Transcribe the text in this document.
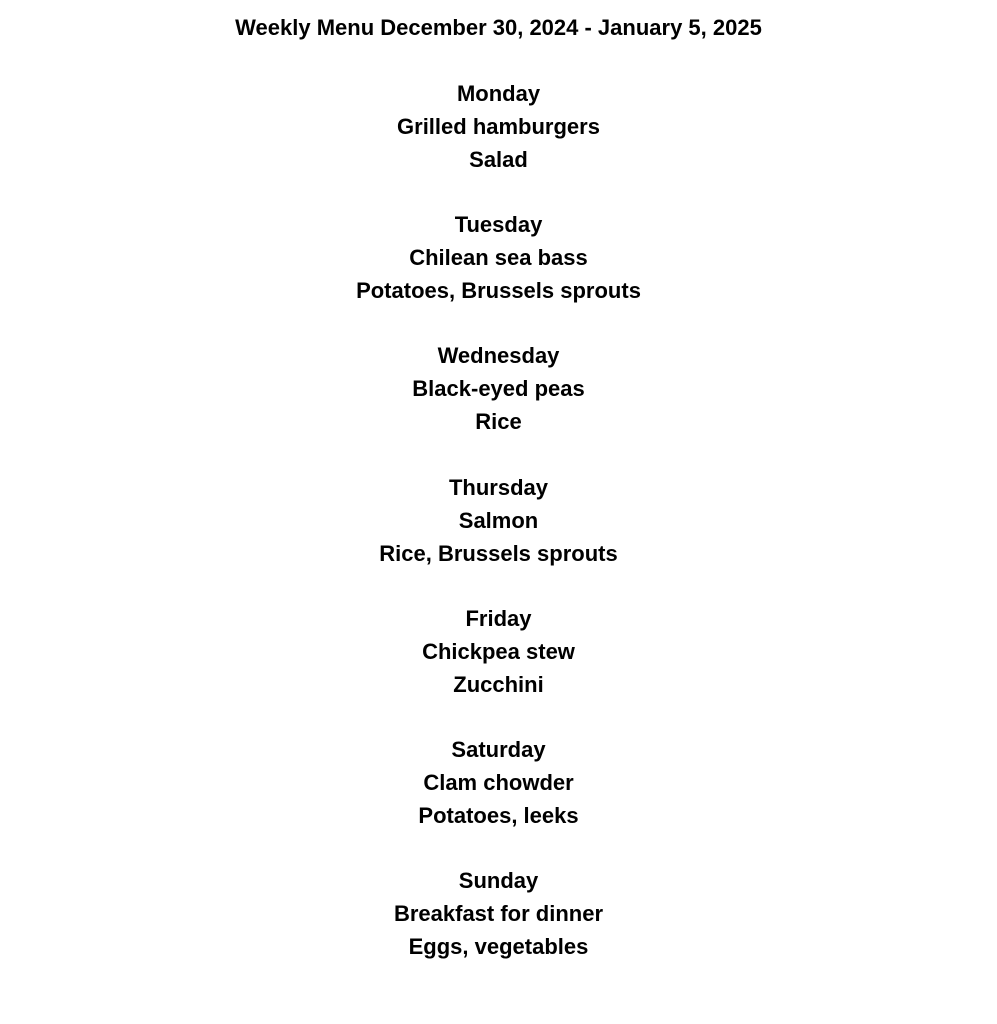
Weekly Menu December 30, 2024 - January 5, 2025
Monday
Grilled hamburgers
Salad
Tuesday
Chilean sea bass
Potatoes, Brussels sprouts
Wednesday
Black-eyed peas
Rice
Thursday
Salmon
Rice, Brussels sprouts
Friday
Chickpea stew
Zucchini
Saturday
Clam chowder
Potatoes, leeks
Sunday
Breakfast for dinner
Eggs, vegetables
